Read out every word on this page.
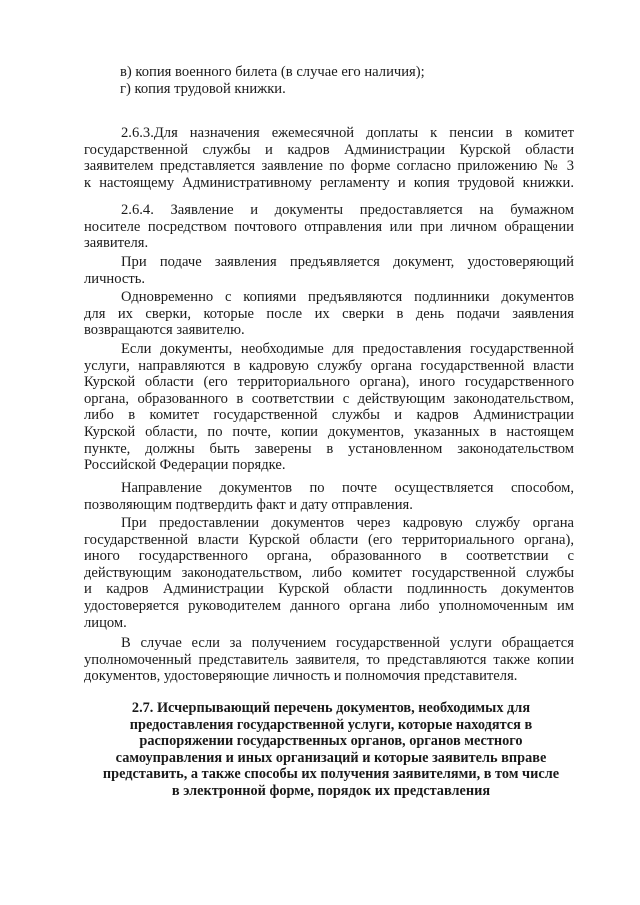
в) копия военного билета (в случае его наличия);
г) копия трудовой книжки.
2.6.3.Для назначения ежемесячной доплаты к пенсии в комитет
государственной службы и кадров Администрации Курской области
заявителем представляется заявление по форме согласно приложению № 3
к настоящему Административному регламенту и копия трудовой книжки.
2.6.4. Заявление и документы предоставляется на бумажном
носителе посредством почтового отправления или при личном обращении
заявителя.
При подаче заявления предъявляется документ, удостоверяющий
личность.
Одновременно с копиями предъявляются подлинники документов
для их сверки, которые после их сверки в день подачи заявления
возвращаются заявителю.
Если документы, необходимые для предоставления государственной
услуги, направляются в кадровую службу органа государственной власти
Курской области (его территориального органа), иного государственного
органа, образованного в соответствии с действующим законодательством,
либо в комитет государственной службы и кадров Администрации
Курской области, по почте, копии документов, указанных в настоящем
пункте, должны быть заверены в установленном законодательством
Российской Федерации порядке.
Направление документов по почте осуществляется способом,
позволяющим подтвердить факт и дату отправления.
При предоставлении документов через кадровую службу органа
государственной власти Курской области (его территориального органа),
иного государственного органа, образованного в соответствии с
действующим законодательством, либо комитет государственной службы
и кадров Администрации Курской области подлинность документов
удостоверяется руководителем данного органа либо уполномоченным им
лицом.
В случае если за получением государственной услуги обращается
уполномоченный представитель заявителя, то представляются также копии
документов, удостоверяющие личность и полномочия представителя.
2.7. Исчерпывающий перечень документов, необходимых для
предоставления государственной услуги, которые находятся в
распоряжении государственных органов, органов местного
самоуправления и иных организаций и которые заявитель вправе
представить, а также способы их получения заявителями, в том числе
в электронной форме, порядок их представления
